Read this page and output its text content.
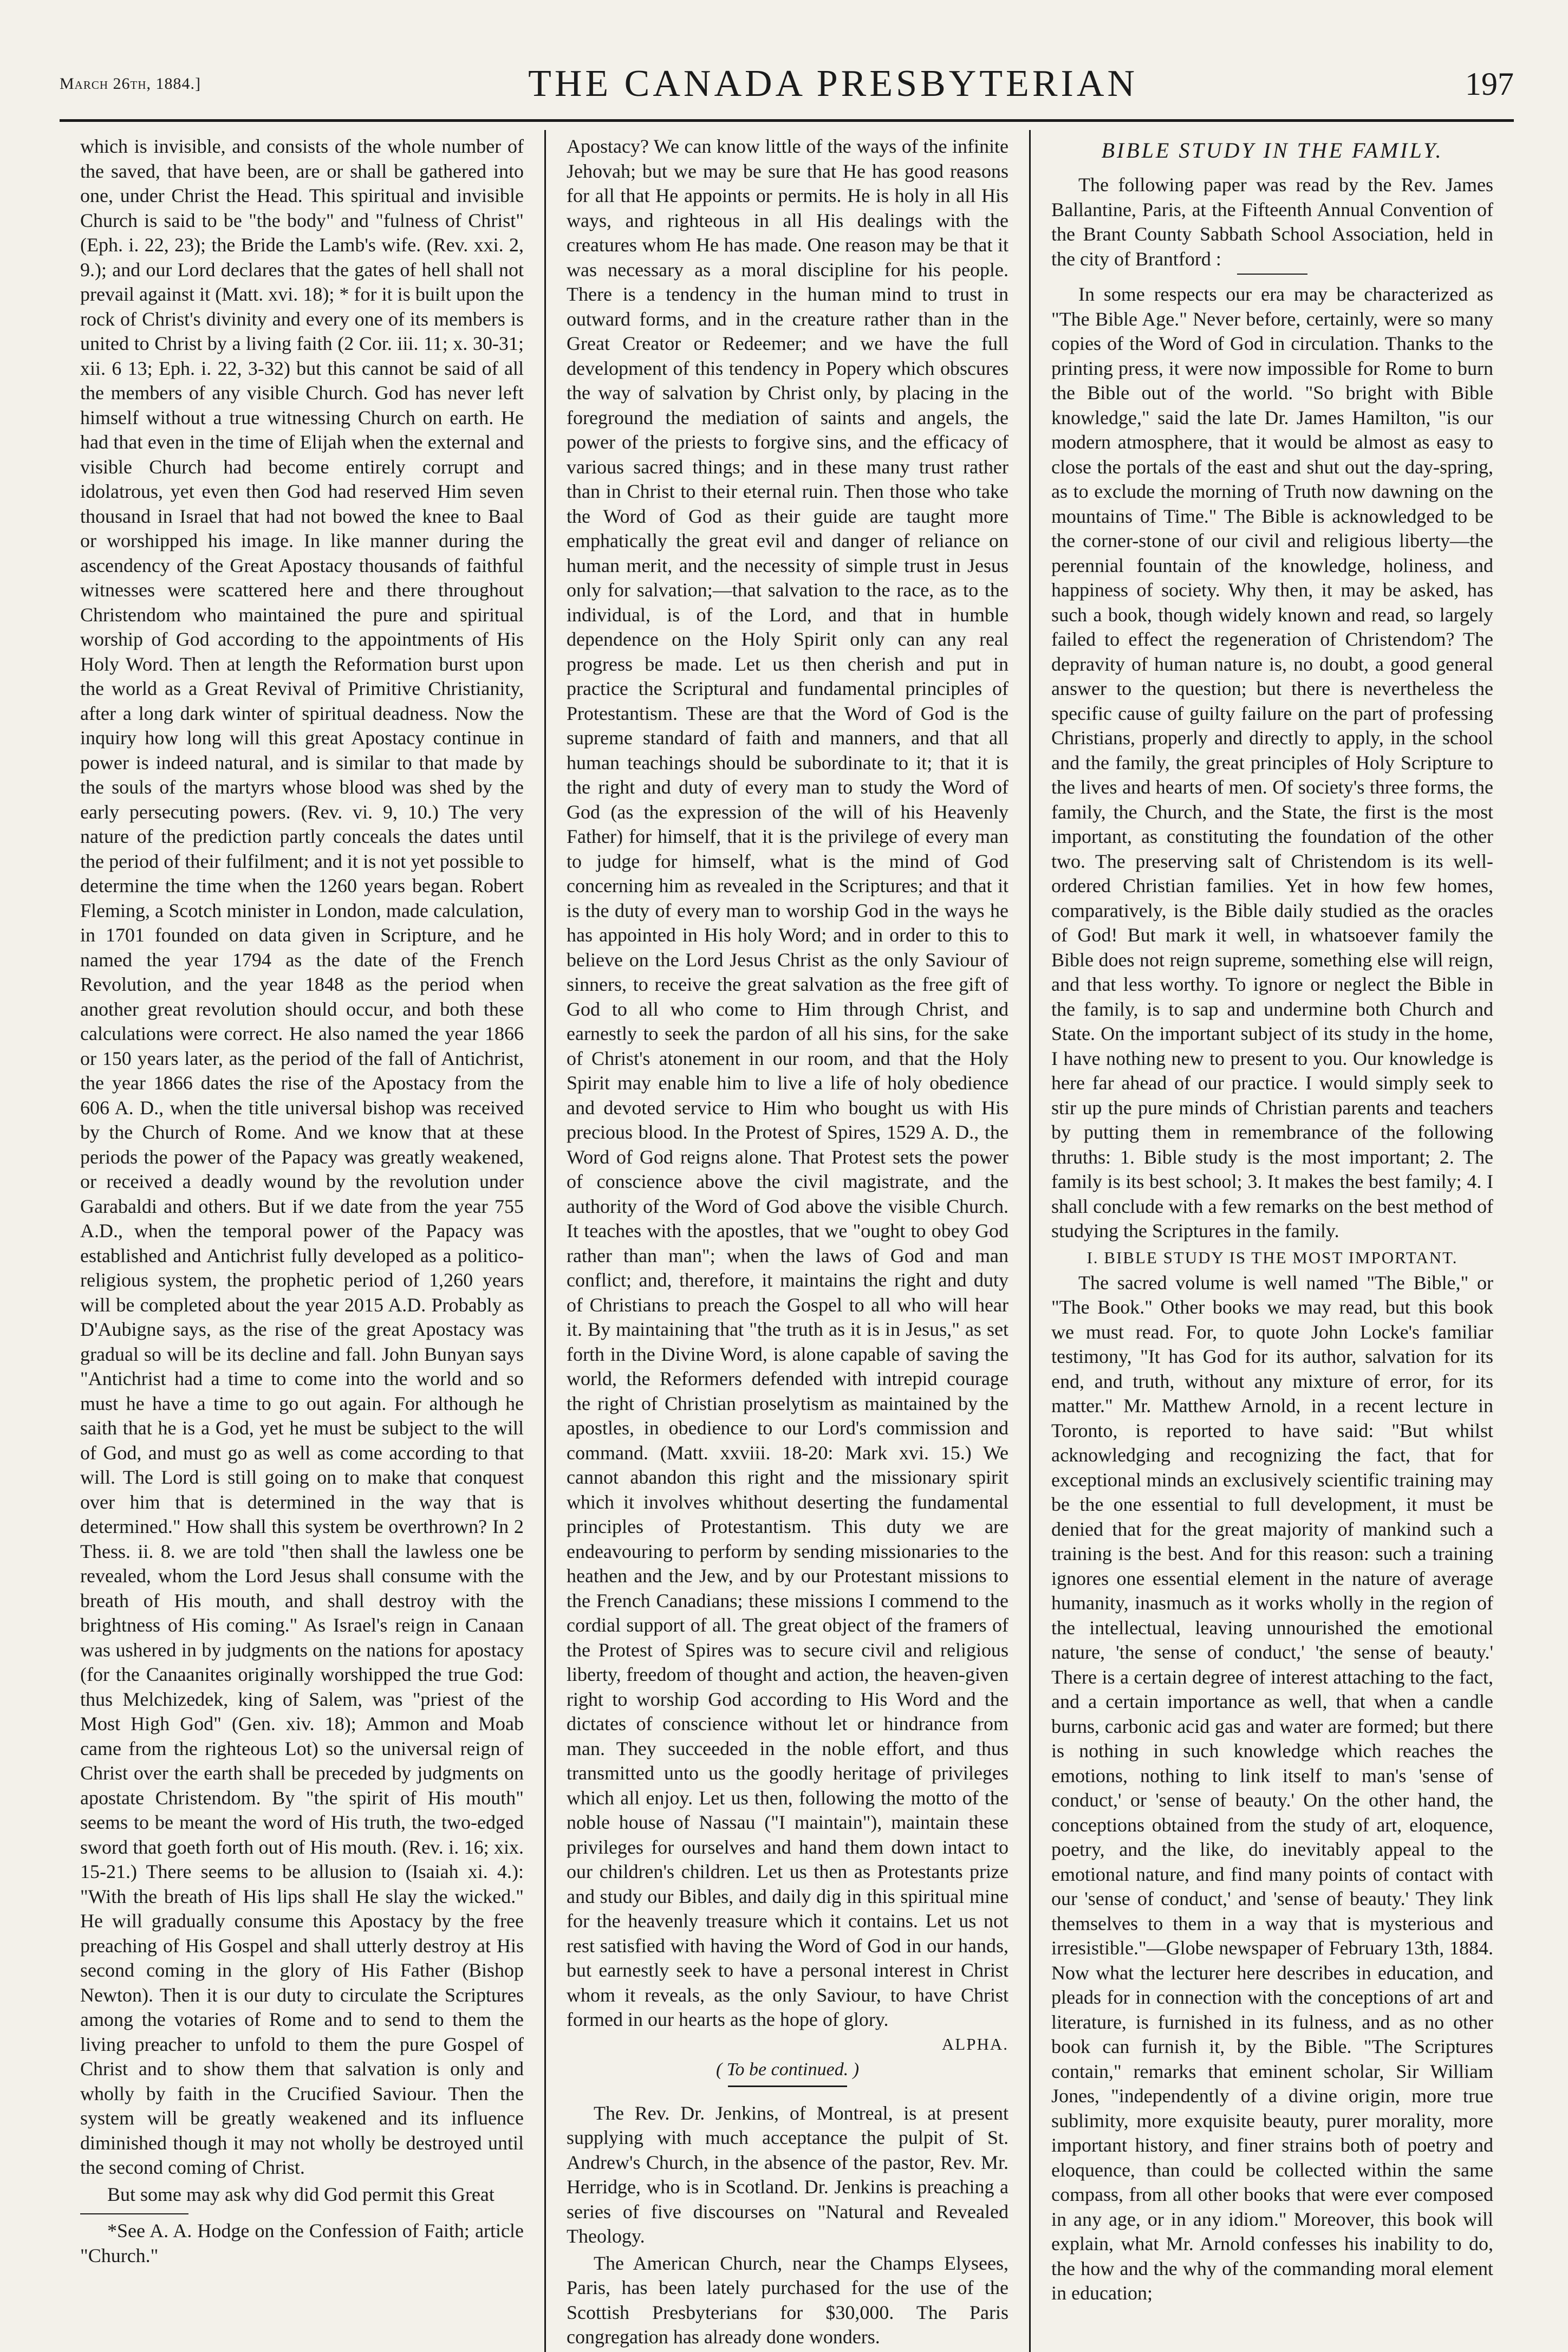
March 26th, 1884.]	THE CANADA PRESBYTERIAN	197

which is invisible, and consists of the whole number of the saved, that have been, are or shall be gathered into one, under Christ the Head. This spiritual and invisible Church is said to be "the body" and "fulness of Christ" (Eph. i. 22, 23); the Bride the Lamb's wife. (Rev. xxi. 2, 9.); and our Lord declares that the gates of hell shall not prevail against it (Matt. xvi. 18); * for it is built upon the rock of Christ's divinity and every one of its members is united to Christ by a living faith (2 Cor. iii. 11; x. 30-31; xii. 6 13; Eph. i. 22, 3-32) but this cannot be said of all the members of any visible Church. God has never left himself without a true witnessing Church on earth. He had that even in the time of Elijah when the external and visible Church had become entirely corrupt and idolatrous, yet even then God had reserved Him seven thousand in Israel that had not bowed the knee to Baal or worshipped his image. In like manner during the ascendency of the Great Apostacy thousands of faithful witnesses were scattered here and there throughout Christendom who maintained the pure and spiritual worship of God according to the appointments of His Holy Word. Then at length the Reformation burst upon the world as a Great Revival of Primitive Christianity, after a long dark winter of spiritual deadness. Now the inquiry how long will this great Apostacy continue in power is indeed natural, and is similar to that made by the souls of the martyrs whose blood was shed by the early persecuting powers. (Rev. vi. 9, 10.) The very nature of the prediction partly conceals the dates until the period of their fulfilment; and it is not yet possible to determine the time when the 1260 years began. Robert Fleming, a Scotch minister in London, made calculation, in 1701 founded on data given in Scripture, and he named the year 1794 as the date of the French Revolution, and the year 1848 as the period when another great revolution should occur, and both these calculations were correct. He also named the year 1866 or 150 years later, as the period of the fall of Antichrist, the year 1866 dates the rise of the Apostacy from the 606 A. D., when the title universal bishop was received by the Church of Rome. And we know that at these periods the power of the Papacy was greatly weakened, or received a deadly wound by the revolution under Garabaldi and others. But if we date from the year 755 A.D., when the temporal power of the Papacy was established and Antichrist fully developed as a politico-religious system, the prophetic period of 1,260 years will be completed about the year 2015 A.D. Probably as D'Aubigne says, as the rise of the great Apostacy was gradual so will be its decline and fall. John Bunyan says "Antichrist had a time to come into the world and so must he have a time to go out again. For although he saith that he is a God, yet he must be subject to the will of God, and must go as well as come according to that will. The Lord is still going on to make that conquest over him that is determined in the way that is determined." How shall this system be overthrown? In 2 Thess. ii. 8. we are told "then shall the lawless one be revealed, whom the Lord Jesus shall consume with the breath of His mouth, and shall destroy with the brightness of His coming." As Israel's reign in Canaan was ushered in by judgments on the nations for apostacy (for the Canaanites originally worshipped the true God: thus Melchizedek, king of Salem, was "priest of the Most High God" (Gen. xiv. 18); Ammon and Moab came from the righteous Lot) so the universal reign of Christ over the earth shall be preceded by judgments on apostate Christendom. By "the spirit of His mouth" seems to be meant the word of His truth, the two-edged sword that goeth forth out of His mouth. (Rev. i. 16; xix. 15-21.) There seems to be allusion to (Isaiah xi. 4.): "With the breath of His lips shall He slay the wicked." He will gradually consume this Apostacy by the free preaching of His Gospel and shall utterly destroy at His second coming in the glory of His Father (Bishop Newton). Then it is our duty to circulate the Scriptures among the votaries of Rome and to send to them the living preacher to unfold to them the pure Gospel of Christ and to show them that salvation is only and wholly by faith in the Crucified Saviour. Then the system will be greatly weakened and its influence diminished though it may not wholly be destroyed until the second coming of Christ.

But some may ask why did God permit this Great

*See A. A. Hodge on the Confession of Faith; article "Church."

Apostacy? We can know little of the ways of the infinite Jehovah; but we may be sure that He has good reasons for all that He appoints or permits. He is holy in all His ways, and righteous in all His dealings with the creatures whom He has made. One reason may be that it was necessary as a moral discipline for his people. There is a tendency in the human mind to trust in outward forms, and in the creature rather than in the Great Creator or Redeemer; and we have the full development of this tendency in Popery which obscures the way of salvation by Christ only, by placing in the foreground the mediation of saints and angels, the power of the priests to forgive sins, and the efficacy of various sacred things; and in these many trust rather than in Christ to their eternal ruin. Then those who take the Word of God as their guide are taught more emphatically the great evil and danger of reliance on human merit, and the necessity of simple trust in Jesus only for salvation;—that salvation to the race, as to the individual, is of the Lord, and that in humble dependence on the Holy Spirit only can any real progress be made. Let us then cherish and put in practice the Scriptural and fundamental principles of Protestantism. These are that the Word of God is the supreme standard of faith and manners, and that all human teachings should be subordinate to it; that it is the right and duty of every man to study the Word of God (as the expression of the will of his Heavenly Father) for himself, that it is the privilege of every man to judge for himself, what is the mind of God concerning him as revealed in the Scriptures; and that it is the duty of every man to worship God in the ways he has appointed in His holy Word; and in order to this to believe on the Lord Jesus Christ as the only Saviour of sinners, to receive the great salvation as the free gift of God to all who come to Him through Christ, and earnestly to seek the pardon of all his sins, for the sake of Christ's atonement in our room, and that the Holy Spirit may enable him to live a life of holy obedience and devoted service to Him who bought us with His precious blood. In the Protest of Spires, 1529 A. D., the Word of God reigns alone. That Protest sets the power of conscience above the civil magistrate, and the authority of the Word of God above the visible Church. It teaches with the apostles, that we "ought to obey God rather than man"; when the laws of God and man conflict; and, therefore, it maintains the right and duty of Christians to preach the Gospel to all who will hear it. By maintaining that "the truth as it is in Jesus," as set forth in the Divine Word, is alone capable of saving the world, the Reformers defended with intrepid courage the right of Christian proselytism as maintained by the apostles, in obedience to our Lord's commission and command. (Matt. xxviii. 18-20: Mark xvi. 15.) We cannot abandon this right and the missionary spirit which it involves whithout deserting the fundamental principles of Protestantism. This duty we are endeavouring to perform by sending missionaries to the heathen and the Jew, and by our Protestant missions to the French Canadians; these missions I commend to the cordial support of all. The great object of the framers of the Protest of Spires was to secure civil and religious liberty, freedom of thought and action, the heaven-given right to worship God according to His Word and the dictates of conscience without let or hindrance from man. They succeeded in the noble effort, and thus transmitted unto us the goodly heritage of privileges which all enjoy. Let us then, following the motto of the noble house of Nassau ("I maintain"), maintain these privileges for ourselves and hand them down intact to our children's children. Let us then as Protestants prize and study our Bibles, and daily dig in this spiritual mine for the heavenly treasure which it contains. Let us not rest satisfied with having the Word of God in our hands, but earnestly seek to have a personal interest in Christ whom it reveals, as the only Saviour, to have Christ formed in our hearts as the hope of glory.

ALPHA.
( To be continued. )

The Rev. Dr. Jenkins, of Montreal, is at present supplying with much acceptance the pulpit of St. Andrew's Church, in the absence of the pastor, Rev. Mr. Herridge, who is in Scotland. Dr. Jenkins is preaching a series of five discourses on "Natural and Revealed Theology.

The American Church, near the Champs Elysees, Paris, has been lately purchased for the use of the Scottish Presbyterians for $30,000. The Paris congregation has already done wonders.

BIBLE STUDY IN THE FAMILY.

The following paper was read by the Rev. James Ballantine, Paris, at the Fifteenth Annual Convention of the Brant County Sabbath School Association, held in the city of Brantford :

In some respects our era may be characterized as "The Bible Age." Never before, certainly, were so many copies of the Word of God in circulation. Thanks to the printing press, it were now impossible for Rome to burn the Bible out of the world. "So bright with Bible knowledge," said the late Dr. James Hamilton, "is our modern atmosphere, that it would be almost as easy to close the portals of the east and shut out the day-spring, as to exclude the morning of Truth now dawning on the mountains of Time." The Bible is acknowledged to be the corner-stone of our civil and religious liberty—the perennial fountain of the knowledge, holiness, and happiness of society. Why then, it may be asked, has such a book, though widely known and read, so largely failed to effect the regeneration of Christendom? The depravity of human nature is, no doubt, a good general answer to the question; but there is nevertheless the specific cause of guilty failure on the part of professing Christians, properly and directly to apply, in the school and the family, the great principles of Holy Scripture to the lives and hearts of men. Of society's three forms, the family, the Church, and the State, the first is the most important, as constituting the foundation of the other two. The preserving salt of Christendom is its well-ordered Christian families. Yet in how few homes, comparatively, is the Bible daily studied as the oracles of God! But mark it well, in whatsoever family the Bible does not reign supreme, something else will reign, and that less worthy. To ignore or neglect the Bible in the family, is to sap and undermine both Church and State. On the important subject of its study in the home, I have nothing new to present to you. Our knowledge is here far ahead of our practice. I would simply seek to stir up the pure minds of Christian parents and teachers by putting them in remembrance of the following thruths: 1. Bible study is the most important; 2. The family is its best school; 3. It makes the best family; 4. I shall conclude with a few remarks on the best method of studying the Scriptures in the family.

I. BIBLE STUDY IS THE MOST IMPORTANT.

The sacred volume is well named "The Bible," or "The Book." Other books we may read, but this book we must read. For, to quote John Locke's familiar testimony, "It has God for its author, salvation for its end, and truth, without any mixture of error, for its matter." Mr. Matthew Arnold, in a recent lecture in Toronto, is reported to have said: "But whilst acknowledging and recognizing the fact, that for exceptional minds an exclusively scientific training may be the one essential to full development, it must be denied that for the great majority of mankind such a training is the best. And for this reason: such a training ignores one essential element in the nature of average humanity, inasmuch as it works wholly in the region of the intellectual, leaving unnourished the emotional nature, 'the sense of conduct,' 'the sense of beauty.' There is a certain degree of interest attaching to the fact, and a certain importance as well, that when a candle burns, carbonic acid gas and water are formed; but there is nothing in such knowledge which reaches the emotions, nothing to link itself to man's 'sense of conduct,' or 'sense of beauty.' On the other hand, the conceptions obtained from the study of art, eloquence, poetry, and the like, do inevitably appeal to the emotional nature, and find many points of contact with our 'sense of conduct,' and 'sense of beauty.' They link themselves to them in a way that is mysterious and irresistible."—Globe newspaper of February 13th, 1884. Now what the lecturer here describes in education, and pleads for in connection with the conceptions of art and literature, is furnished in its fulness, and as no other book can furnish it, by the Bible. "The Scriptures contain," remarks that eminent scholar, Sir William Jones, "independently of a divine origin, more true sublimity, more exquisite beauty, purer morality, more important history, and finer strains both of poetry and eloquence, than could be collected within the same compass, from all other books that were ever composed in any age, or in any idiom." Moreover, this book will explain, what Mr. Arnold confesses his inability to do, the how and the why of the commanding moral element in education;
